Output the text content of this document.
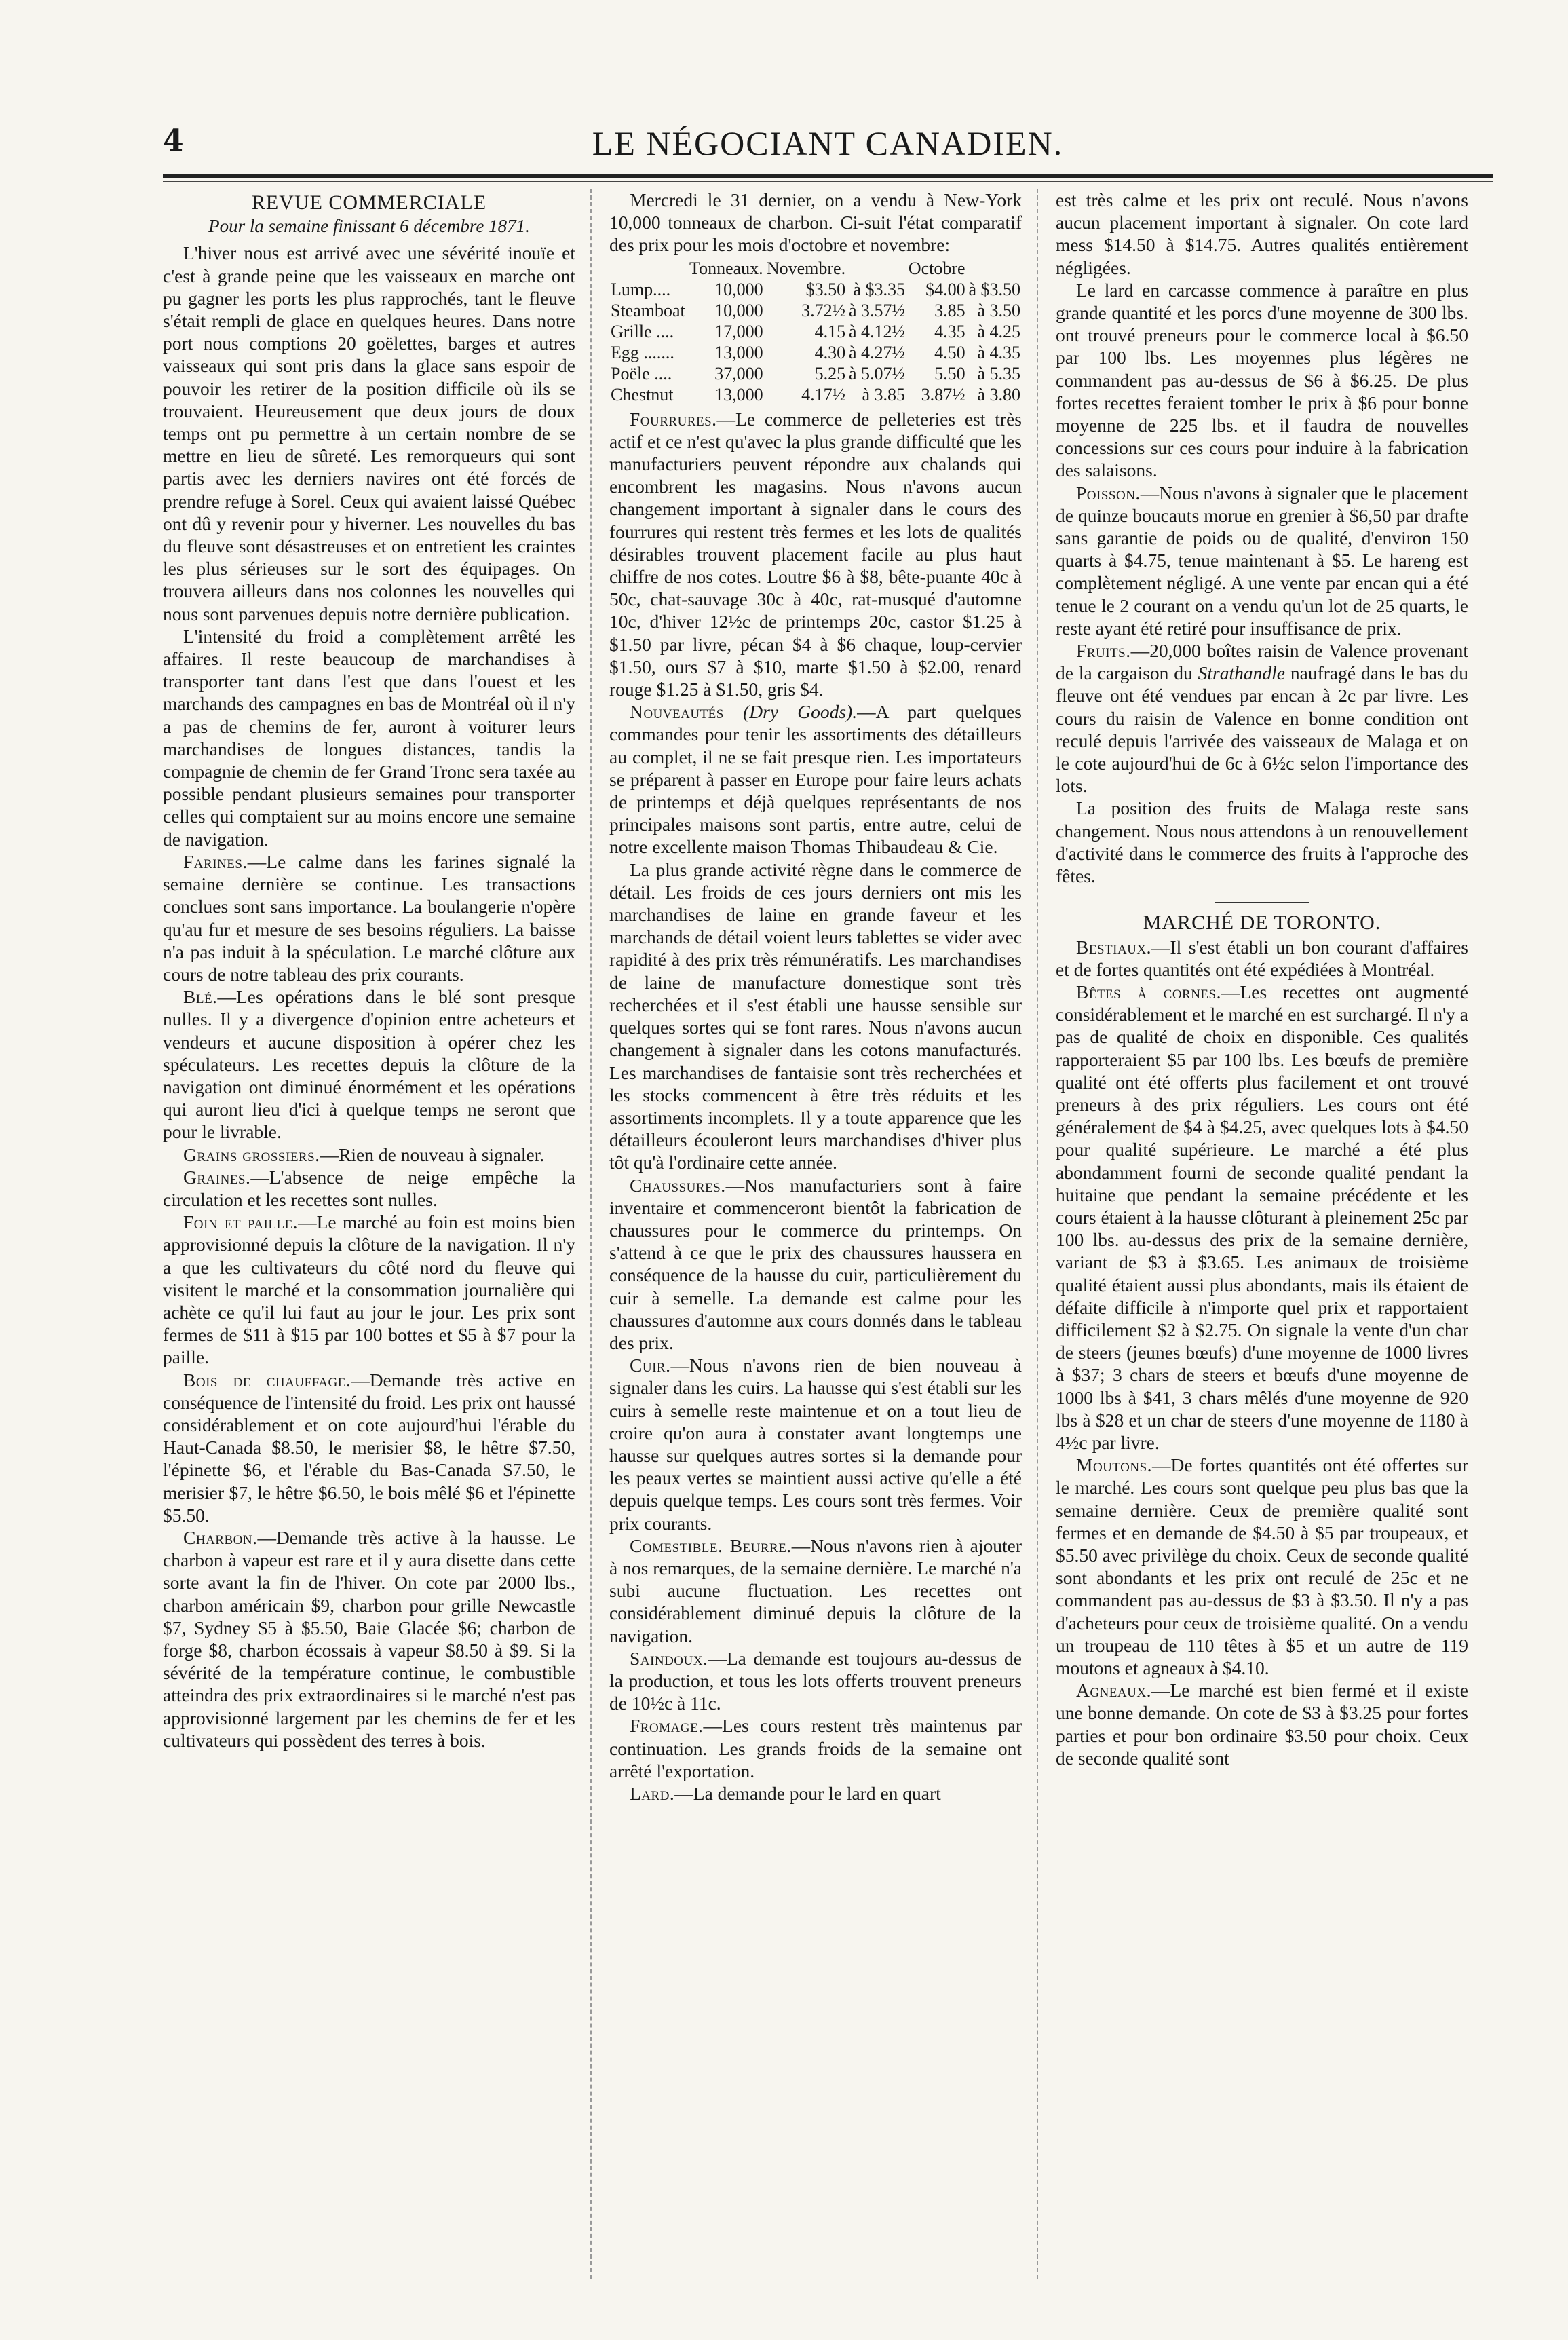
4	LE NÉGOCIANT CANADIEN.
REVUE COMMERCIALE
Pour la semaine finissant 6 décembre 1871.

L'hiver nous est arrivé avec une sévérité inouïe et c'est à grande peine que les vaisseaux en marche ont pu gagner les ports les plus rapprochés, tant le fleuve s'était rempli de glace en quelques heures. Dans notre port nous comptions 20 goëlettes, barges et autres vaisseaux qui sont pris dans la glace sans espoir de pouvoir les retirer de la position difficile où ils se trouvaient. Heureusement que deux jours de doux temps ont pu permettre à un certain nombre de se mettre en lieu de sûreté. Les remorqueurs qui sont partis avec les derniers navires ont été forcés de prendre refuge à Sorel. Ceux qui avaient laissé Québec ont dû y revenir pour y hiverner. Les nouvelles du bas du fleuve sont désastreuses et on entretient les craintes les plus sérieuses sur le sort des équipages. On trouvera ailleurs dans nos colonnes les nouvelles qui nous sont parvenues depuis notre dernière publication.

L'intensité du froid a complètement arrêté les affaires. Il reste beaucoup de marchandises à transporter tant dans l'est que dans l'ouest et les marchands des campagnes en bas de Montréal où il n'y a pas de chemins de fer, auront à voiturer leurs marchandises de longues distances, tandis la compagnie de chemin de fer Grand Tronc sera taxée au possible pendant plusieurs semaines pour transporter celles qui comptaient sur au moins encore une semaine de navigation.

Farines.—Le calme dans les farines signalé la semaine dernière se continue. Les transactions conclues sont sans importance. La boulangerie n'opère qu'au fur et mesure de ses besoins réguliers. La baisse n'a pas induit à la spéculation. Le marché clôture aux cours de notre tableau des prix courants.

Blé.—Les opérations dans le blé sont presque nulles. Il y a divergence d'opinion entre acheteurs et vendeurs et aucune disposition à opérer chez les spéculateurs. Les recettes depuis la clôture de la navigation ont diminué énormément et les opérations qui auront lieu d'ici à quelque temps ne seront que pour le livrable.

Grains grossiers.—Rien de nouveau à signaler.

Graines.—L'absence de neige empêche la circulation et les recettes sont nulles.

Foin et paille.—Le marché au foin est moins bien approvisionné depuis la clôture de la navigation. Il n'y a que les cultivateurs du côté nord du fleuve qui visitent le marché et la consommation journalière qui achète ce qu'il lui faut au jour le jour. Les prix sont fermes de $11 à $15 par 100 bottes et $5 à $7 pour la paille.

Bois de chauffage.—Demande très active en conséquence de l'intensité du froid. Les prix ont haussé considérablement et on cote aujourd'hui l'érable du Haut-Canada $8.50, le merisier $8, le hêtre $7.50, l'épinette $6, et l'érable du Bas-Canada $7.50, le merisier $7, le hêtre $6.50, le bois mêlé $6 et l'épinette $5.50.

Charbon.—Demande très active à la hausse. Le charbon à vapeur est rare et il y aura disette dans cette sorte avant la fin de l'hiver. On cote par 2000 lbs., charbon américain $9, charbon pour grille Newcastle $7, Sydney $5 à $5.50, Baie Glacée $6; charbon de forge $8, charbon écossais à vapeur $8.50 à $9. Si la sévérité de la température continue, le combustible atteindra des prix extraordinaires si le marché n'est pas approvisionné largement par les chemins de fer et les cultivateurs qui possèdent des terres à bois.

Mercredi le 31 dernier, on a vendu à New-York 10,000 tonneaux de charbon. Ci-suit l'état comparatif des prix pour les mois d'octobre et novembre:

	Tonneaux.	Novembre.		Octobre	
Lump....	10,000	$3.50	à $3.35	$4.00	à $3.50
Steamboat	10,000	3.72½	à 3.57½	3.85	à 3.50
Grille ....	17,000	4.15	à 4.12½	4.35	à 4.25
Egg .......	13,000	4.30	à 4.27½	4.50	à 4.35
Poële ....	37,000	5.25	à 5.07½	5.50	à 5.35
Chestnut	13,000	4.17½	à 3.85	3.87½	à 3.80

Fourrures.—Le commerce de pelleteries est très actif et ce n'est qu'avec la plus grande difficulté que les manufacturiers peuvent répondre aux chalands qui encombrent les magasins. Nous n'avons aucun changement important à signaler dans le cours des fourrures qui restent très fermes et les lots de qualités désirables trouvent placement facile au plus haut chiffre de nos cotes. Loutre $6 à $8, bête-puante 40c à 50c, chat-sauvage 30c à 40c, rat-musqué d'automne 10c, d'hiver 12½c de printemps 20c, castor $1.25 à $1.50 par livre, pécan $4 à $6 chaque, loup-cervier $1.50, ours $7 à $10, marte $1.50 à $2.00, renard rouge $1.25 à $1.50, gris $4.

Nouveautés (Dry Goods).—A part quelques commandes pour tenir les assortiments des détailleurs au complet, il ne se fait presque rien. Les importateurs se préparent à passer en Europe pour faire leurs achats de printemps et déjà quelques représentants de nos principales maisons sont partis, entre autre, celui de notre excellente maison Thomas Thibaudeau & Cie.

La plus grande activité règne dans le commerce de détail. Les froids de ces jours derniers ont mis les marchandises de laine en grande faveur et les marchands de détail voient leurs tablettes se vider avec rapidité à des prix très rémunératifs. Les marchandises de laine de manufacture domestique sont très recherchées et il s'est établi une hausse sensible sur quelques sortes qui se font rares. Nous n'avons aucun changement à signaler dans les cotons manufacturés. Les marchandises de fantaisie sont très recherchées et les stocks commencent à être très réduits et les assortiments incomplets. Il y a toute apparence que les détailleurs écouleront leurs marchandises d'hiver plus tôt qu'à l'ordinaire cette année.

Chaussures.—Nos manufacturiers sont à faire inventaire et commenceront bientôt la fabrication de chaussures pour le commerce du printemps. On s'attend à ce que le prix des chaussures haussera en conséquence de la hausse du cuir, particulièrement du cuir à semelle. La demande est calme pour les chaussures d'automne aux cours donnés dans le tableau des prix.

Cuir.—Nous n'avons rien de bien nouveau à signaler dans les cuirs. La hausse qui s'est établi sur les cuirs à semelle reste maintenue et on a tout lieu de croire qu'on aura à constater avant longtemps une hausse sur quelques autres sortes si la demande pour les peaux vertes se maintient aussi active qu'elle a été depuis quelque temps. Les cours sont très fermes. Voir prix courants.

Comestible. Beurre.—Nous n'avons rien à ajouter à nos remarques, de la semaine dernière. Le marché n'a subi aucune fluctuation. Les recettes ont considérablement diminué depuis la clôture de la navigation.

Saindoux.—La demande est toujours au-dessus de la production, et tous les lots offerts trouvent preneurs de 10½c à 11c.

Fromage.—Les cours restent très maintenus par continuation. Les grands froids de la semaine ont arrêté l'exportation.

Lard.—La demande pour le lard en quart

est très calme et les prix ont reculé. Nous n'avons aucun placement important à signaler. On cote lard mess $14.50 à $14.75. Autres qualités entièrement négligées.

Le lard en carcasse commence à paraître en plus grande quantité et les porcs d'une moyenne de 300 lbs. ont trouvé preneurs pour le commerce local à $6.50 par 100 lbs. Les moyennes plus légères ne commandent pas au-dessus de $6 à $6.25. De plus fortes recettes feraient tomber le prix à $6 pour bonne moyenne de 225 lbs. et il faudra de nouvelles concessions sur ces cours pour induire à la fabrication des salaisons.

Poisson.—Nous n'avons à signaler que le placement de quinze boucauts morue en grenier à $6,50 par drafte sans garantie de poids ou de qualité, d'environ 150 quarts à $4.75, tenue maintenant à $5. Le hareng est complètement négligé. A une vente par encan qui a été tenue le 2 courant on a vendu qu'un lot de 25 quarts, le reste ayant été retiré pour insuffisance de prix.

Fruits.—20,000 boîtes raisin de Valence provenant de la cargaison du Strathandle naufragé dans le bas du fleuve ont été vendues par encan à 2c par livre. Les cours du raisin de Valence en bonne condition ont reculé depuis l'arrivée des vaisseaux de Malaga et on le cote aujourd'hui de 6c à 6½c selon l'importance des lots.

La position des fruits de Malaga reste sans changement. Nous nous attendons à un renouvellement d'activité dans le commerce des fruits à l'approche des fêtes.

MARCHÉ DE TORONTO.

Bestiaux.—Il s'est établi un bon courant d'affaires et de fortes quantités ont été expédiées à Montréal.

Bêtes à cornes.—Les recettes ont augmenté considérablement et le marché en est surchargé. Il n'y a pas de qualité de choix en disponible. Ces qualités rapporteraient $5 par 100 lbs. Les bœufs de première qualité ont été offerts plus facilement et ont trouvé preneurs à des prix réguliers. Les cours ont été généralement de $4 à $4.25, avec quelques lots à $4.50 pour qualité supérieure. Le marché a été plus abondamment fourni de seconde qualité pendant la huitaine que pendant la semaine précédente et les cours étaient à la hausse clôturant à pleinement 25c par 100 lbs. au-dessus des prix de la semaine dernière, variant de $3 à $3.65. Les animaux de troisième qualité étaient aussi plus abondants, mais ils étaient de défaite difficile à n'importe quel prix et rapportaient difficilement $2 à $2.75. On signale la vente d'un char de steers (jeunes bœufs) d'une moyenne de 1000 livres à $37; 3 chars de steers et bœufs d'une moyenne de 1000 lbs à $41, 3 chars mêlés d'une moyenne de 920 lbs à $28 et un char de steers d'une moyenne de 1180 à 4½c par livre.

Moutons.—De fortes quantités ont été offertes sur le marché. Les cours sont quelque peu plus bas que la semaine dernière. Ceux de première qualité sont fermes et en demande de $4.50 à $5 par troupeaux, et $5.50 avec privilège du choix. Ceux de seconde qualité sont abondants et les prix ont reculé de 25c et ne commandent pas au-dessus de $3 à $3.50. Il n'y a pas d'acheteurs pour ceux de troisième qualité. On a vendu un troupeau de 110 têtes à $5 et un autre de 119 moutons et agneaux à $4.10.

Agneaux.—Le marché est bien fermé et il existe une bonne demande. On cote de $3 à $3.25 pour fortes parties et pour bon ordinaire $3.50 pour choix. Ceux de seconde qualité sont
